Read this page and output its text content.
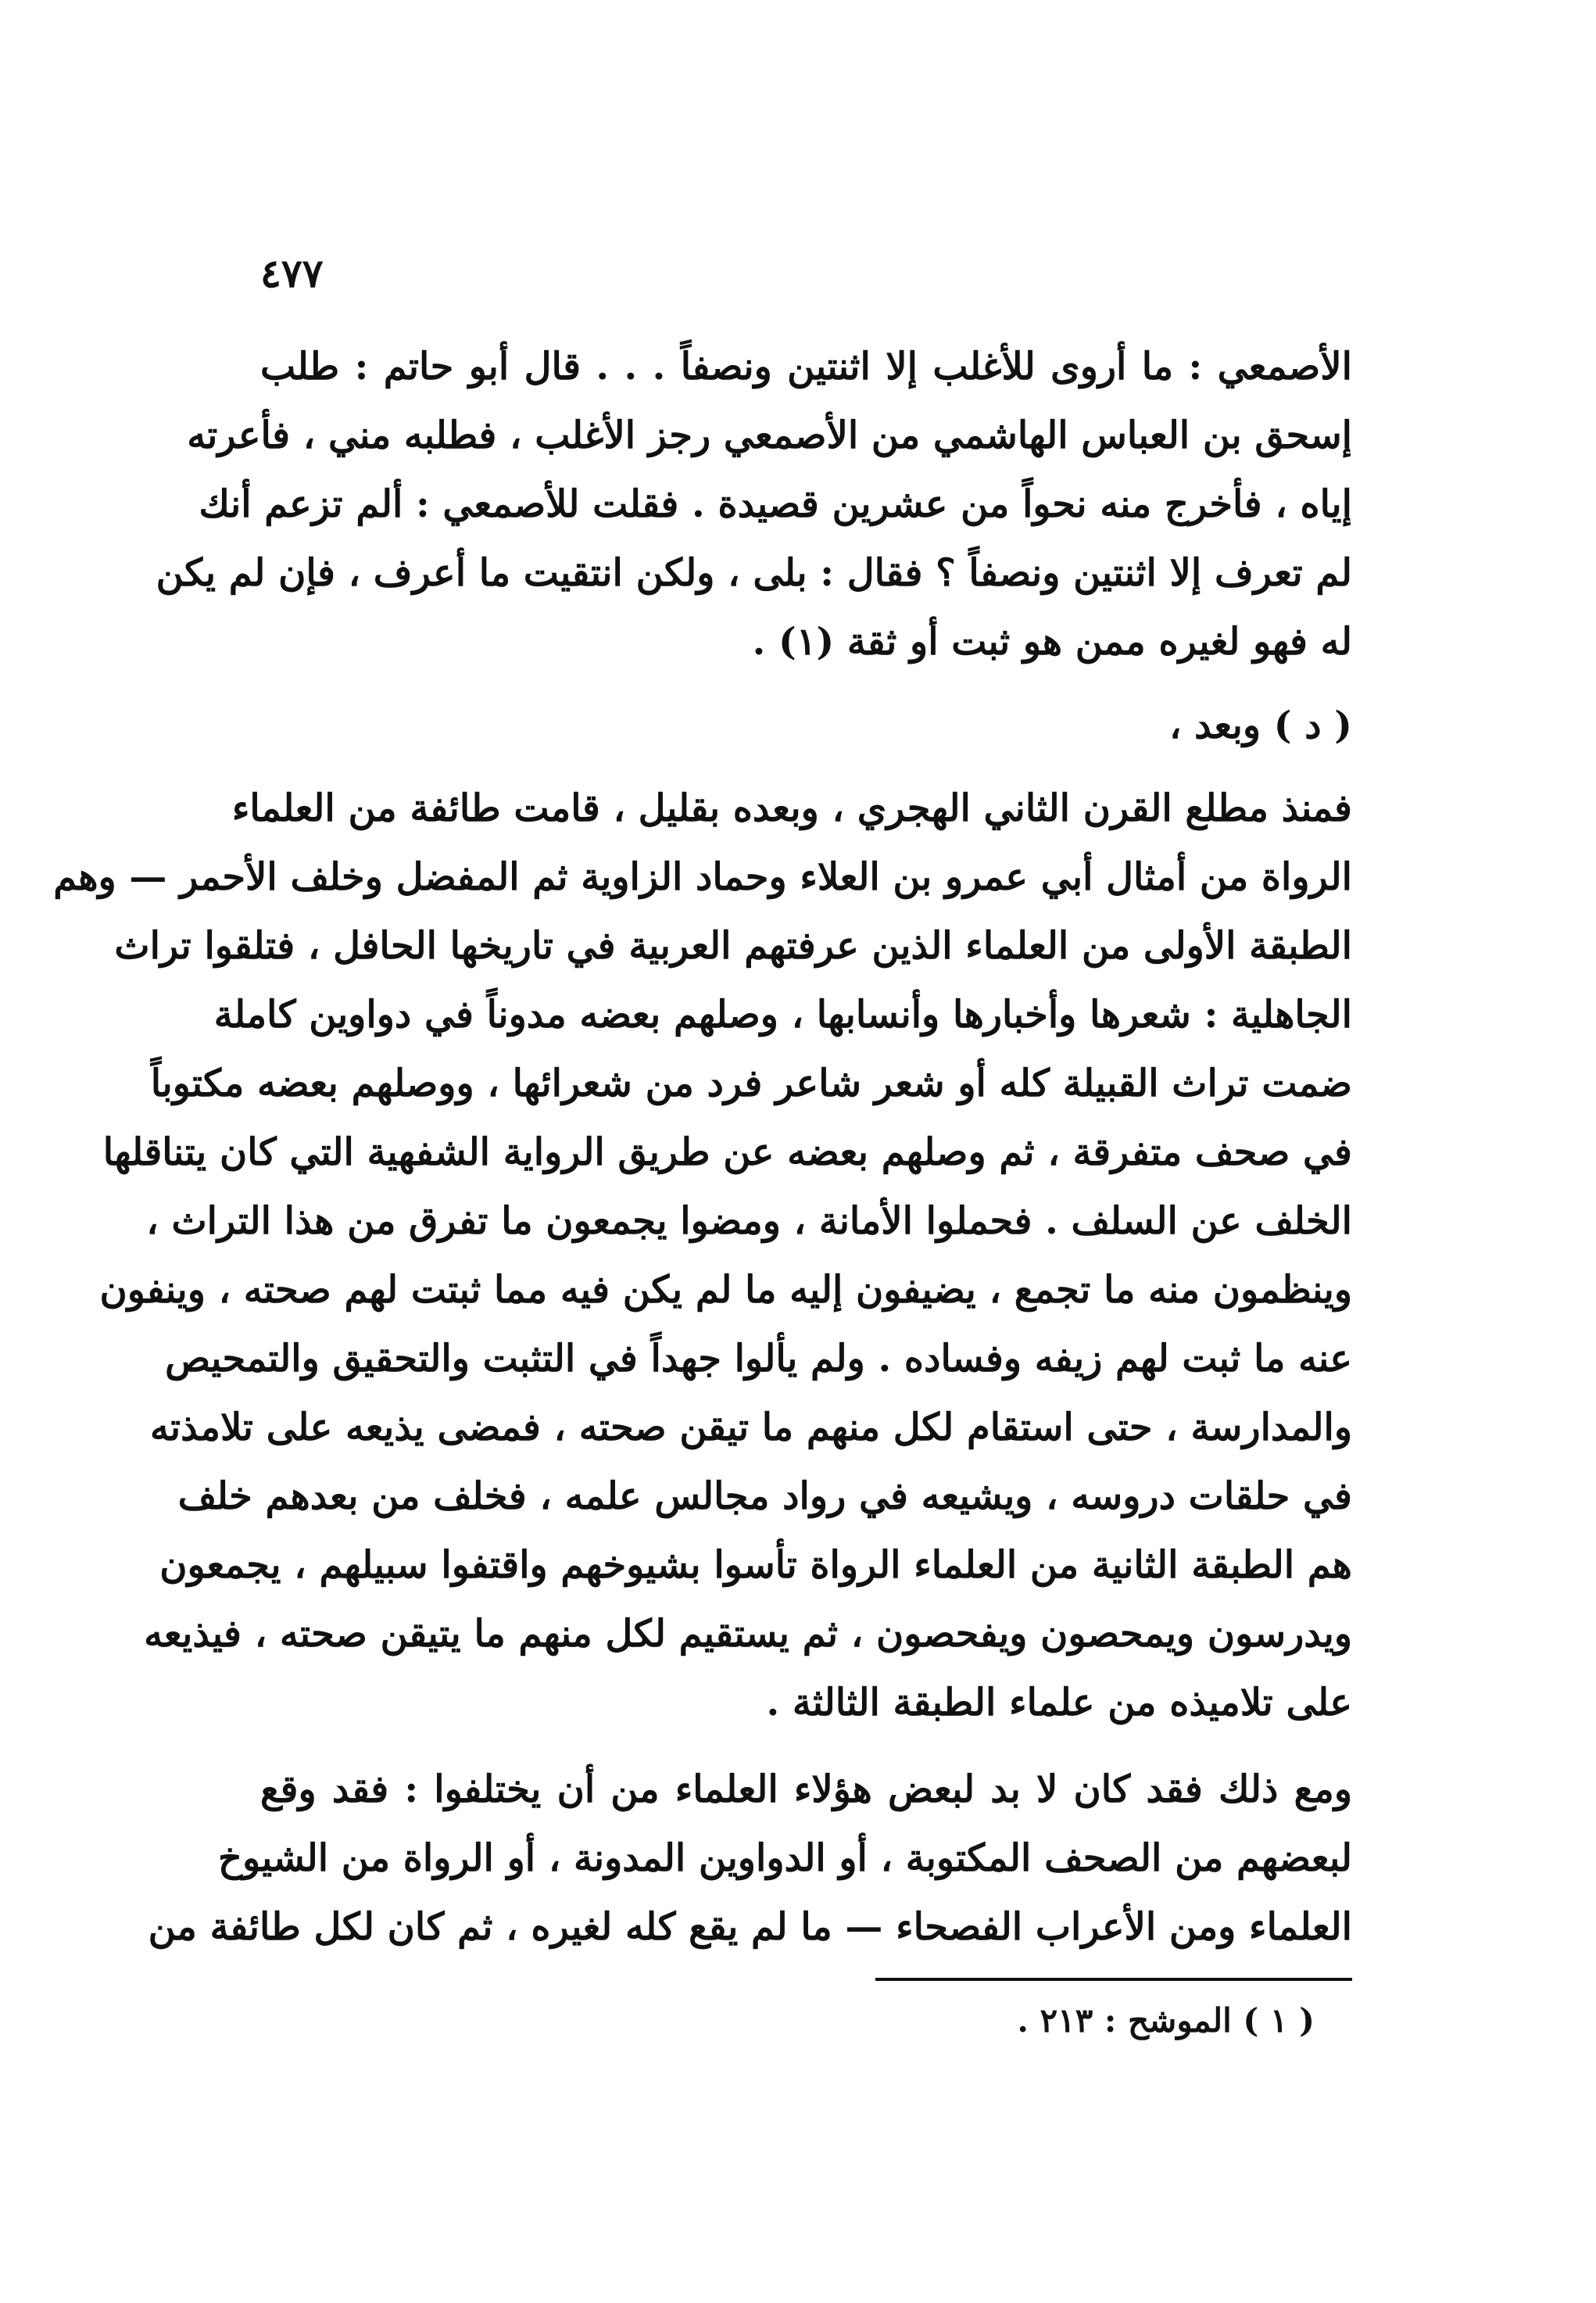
٤٧٧
الأصمعي : ما أروى للأغلب إلا اثنتين ونصفاً . . . قال أبو حاتم : طلب
إسحق بن العباس الهاشمي من الأصمعي رجز الأغلب ، فطلبه مني ، فأعرته
إياه ، فأخرج منه نحواً من عشرين قصيدة . فقلت للأصمعي : ألم تزعم أنك
لم تعرف إلا اثنتين ونصفاً ؟ فقال : بلى ، ولكن انتقيت ما أعرف ، فإن لم يكن
له فهو لغيره ممن هو ثبت أو ثقة (١) .
( د ) وبعد ،
فمنذ مطلع القرن الثاني الهجري ، وبعده بقليل ، قامت طائفة من العلماء
الرواة من أمثال أبي عمرو بن العلاء وحماد الزاوية ثم المفضل وخلف الأحمر — وهم
الطبقة الأولى من العلماء الذين عرفتهم العربية في تاريخها الحافل ، فتلقوا تراث
الجاهلية : شعرها وأخبارها وأنسابها ، وصلهم بعضه مدوناً في دواوين كاملة
ضمت تراث القبيلة كله أو شعر شاعر فرد من شعرائها ، ووصلهم بعضه مكتوباً
في صحف متفرقة ، ثم وصلهم بعضه عن طريق الرواية الشفهية التي كان يتناقلها
الخلف عن السلف . فحملوا الأمانة ، ومضوا يجمعون ما تفرق من هذا التراث ،
وينظمون منه ما تجمع ، يضيفون إليه ما لم يكن فيه مما ثبتت لهم صحته ، وينفون
عنه ما ثبت لهم زيفه وفساده . ولم يألوا جهداً في التثبت والتحقيق والتمحيص
والمدارسة ، حتى استقام لكل منهم ما تيقن صحته ، فمضى يذيعه على تلامذته
في حلقات دروسه ، ويشيعه في رواد مجالس علمه ، فخلف من بعدهم خلف
هم الطبقة الثانية من العلماء الرواة تأسوا بشيوخهم واقتفوا سبيلهم ، يجمعون
ويدرسون ويمحصون ويفحصون ، ثم يستقيم لكل منهم ما يتيقن صحته ، فيذيعه
على تلاميذه من علماء الطبقة الثالثة .
ومع ذلك فقد كان لا بد لبعض هؤلاء العلماء من أن يختلفوا : فقد وقع
لبعضهم من الصحف المكتوبة ، أو الدواوين المدونة ، أو الرواة من الشيوخ
العلماء ومن الأعراب الفصحاء — ما لم يقع كله لغيره ، ثم كان لكل طائفة من
( ١ ) الموشح : ٢١٣ .
